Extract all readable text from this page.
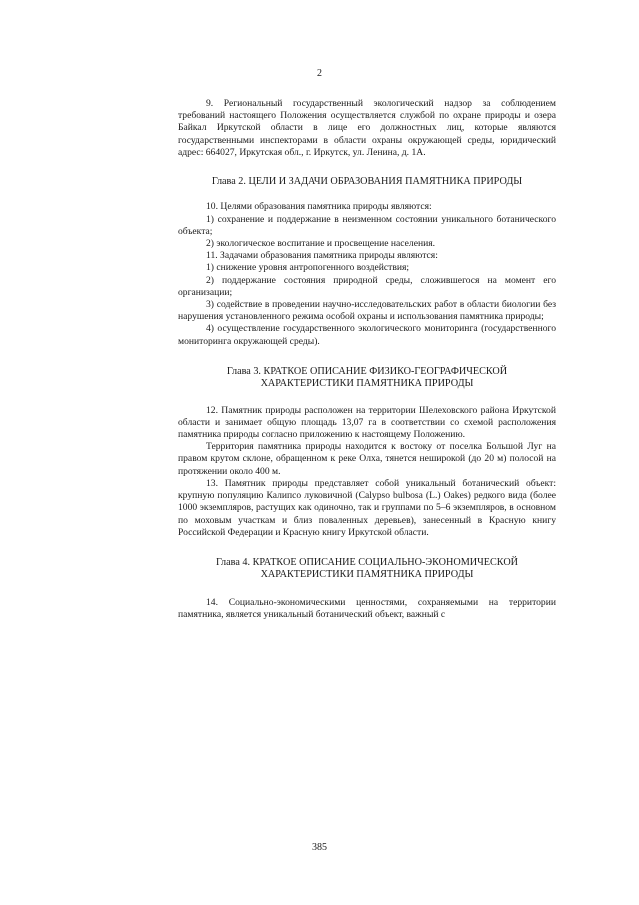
2

9. Региональный государственный экологический надзор за соблюдением требований настоящего Положения осуществляется службой по охране природы и озера Байкал Иркутской области в лице его должностных лиц, которые являются государственными инспекторами в области охраны окружающей среды, юридический адрес: 664027, Иркутская обл., г. Иркутск, ул. Ленина, д. 1А.

Глава 2. ЦЕЛИ И ЗАДАЧИ ОБРАЗОВАНИЯ ПАМЯТНИКА ПРИРОДЫ

10. Целями образования памятника природы являются:

1) сохранение и поддержание в неизменном состоянии уникального ботанического объекта;

2) экологическое воспитание и просвещение населения.

11. Задачами образования памятника природы являются:

1) снижение уровня антропогенного воздействия;

2) поддержание состояния природной среды, сложившегося на момент его организации;

3) содействие в проведении научно-исследовательских работ в области биологии без нарушения установленного режима особой охраны и использования памятника природы;

4) осуществление государственного экологического мониторинга (государственного мониторинга окружающей среды).

Глава 3. КРАТКОЕ ОПИСАНИЕ ФИЗИКО-ГЕОГРАФИЧЕСКОЙ
ХАРАКТЕРИСТИКИ ПАМЯТНИКА ПРИРОДЫ

12. Памятник природы расположен на территории Шелеховского района Иркутской области и занимает общую площадь 13,07 га в соответствии со схемой расположения памятника природы согласно приложению к настоящему Положению.

Территория памятника природы находится к востоку от поселка Большой Луг на правом крутом склоне, обращенном к реке Олха, тянется неширокой (до 20 м) полосой на протяжении около 400 м.

13. Памятник природы представляет собой уникальный ботанический объект: крупную популяцию Калипсо луковичной (Calypso bulbosa (L.) Oakes) редкого вида (более 1000 экземпляров, растущих как одиночно, так и группами по 5–6 экземпляров, в основном по моховым участкам и близ поваленных деревьев), занесенный в Красную книгу Российской Федерации и Красную книгу Иркутской области.

Глава 4. КРАТКОЕ ОПИСАНИЕ СОЦИАЛЬНО-ЭКОНОМИЧЕСКОЙ
ХАРАКТЕРИСТИКИ ПАМЯТНИКА ПРИРОДЫ

14. Социально-экономическими ценностями, сохраняемыми на территории памятника, является уникальный ботанический объект, важный с

385
